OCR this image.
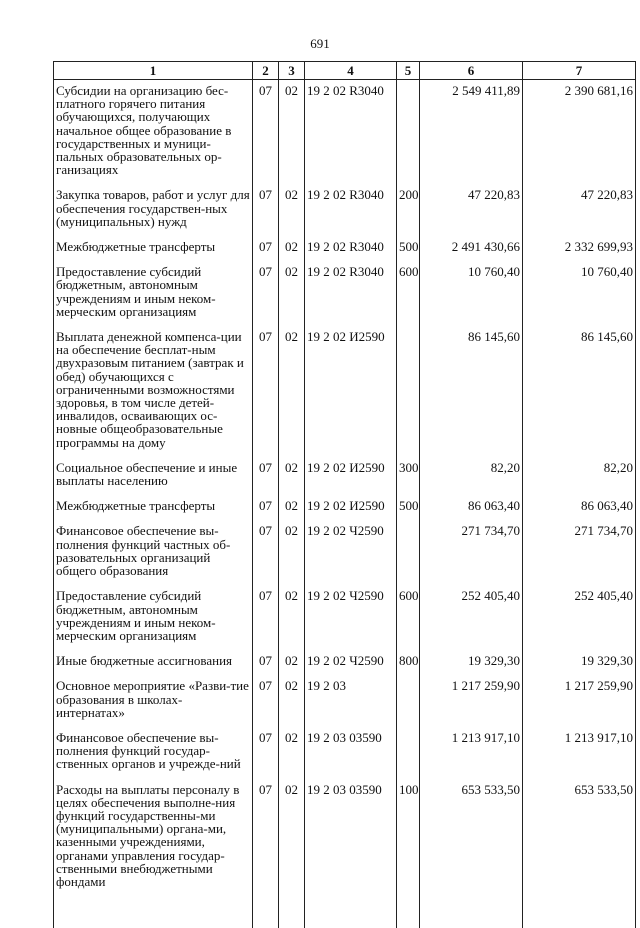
691
1	2	3	4	5	6	7
Субсидии на организацию бес-платного горячего питания обучающихся, получающих начальное общее образование в государственных и муници-пальных образовательных ор-ганизациях	07	02	19 2 02 R3040		2 549 411,89	2 390 681,16
Закупка товаров, работ и услуг для обеспечения государствен-ных (муниципальных) нужд	07	02	19 2 02 R3040	200	47 220,83	47 220,83
Межбюджетные трансферты	07	02	19 2 02 R3040	500	2 491 430,66	2 332 699,93
Предоставление субсидий бюджетным, автономным учреждениям и иным неком-мерческим организациям	07	02	19 2 02 R3040	600	10 760,40	10 760,40
Выплата денежной компенса-ции на обеспечение бесплат-ным двухразовым питанием (завтрак и обед) обучающихся с ограниченными возможностями здоровья, в том числе детей-инвалидов, осваивающих ос-новные общеобразовательные программы на дому	07	02	19 2 02 И2590		86 145,60	86 145,60
Социальное обеспечение и иные выплаты населению	07	02	19 2 02 И2590	300	82,20	82,20
Межбюджетные трансферты	07	02	19 2 02 И2590	500	86 063,40	86 063,40
Финансовое обеспечение вы-полнения функций частных об-разовательных организаций общего образования	07	02	19 2 02 Ч2590		271 734,70	271 734,70
Предоставление субсидий бюджетным, автономным учреждениям и иным неком-мерческим организациям	07	02	19 2 02 Ч2590	600	252 405,40	252 405,40
Иные бюджетные ассигнования	07	02	19 2 02 Ч2590	800	19 329,30	19 329,30
Основное мероприятие «Разви-тие образования в школах-интернатах»	07	02	19 2 03		1 217 259,90	1 217 259,90
Финансовое обеспечение вы-полнения функций государ-ственных органов и учрежде-ний	07	02	19 2 03 03590		1 213 917,10	1 213 917,10
Расходы на выплаты персоналу в целях обеспечения выполне-ния функций государственны-ми (муниципальными) органа-ми, казенными учреждениями, органами управления государ-ственными внебюджетными фондами	07	02	19 2 03 03590	100	653 533,50	653 533,50
